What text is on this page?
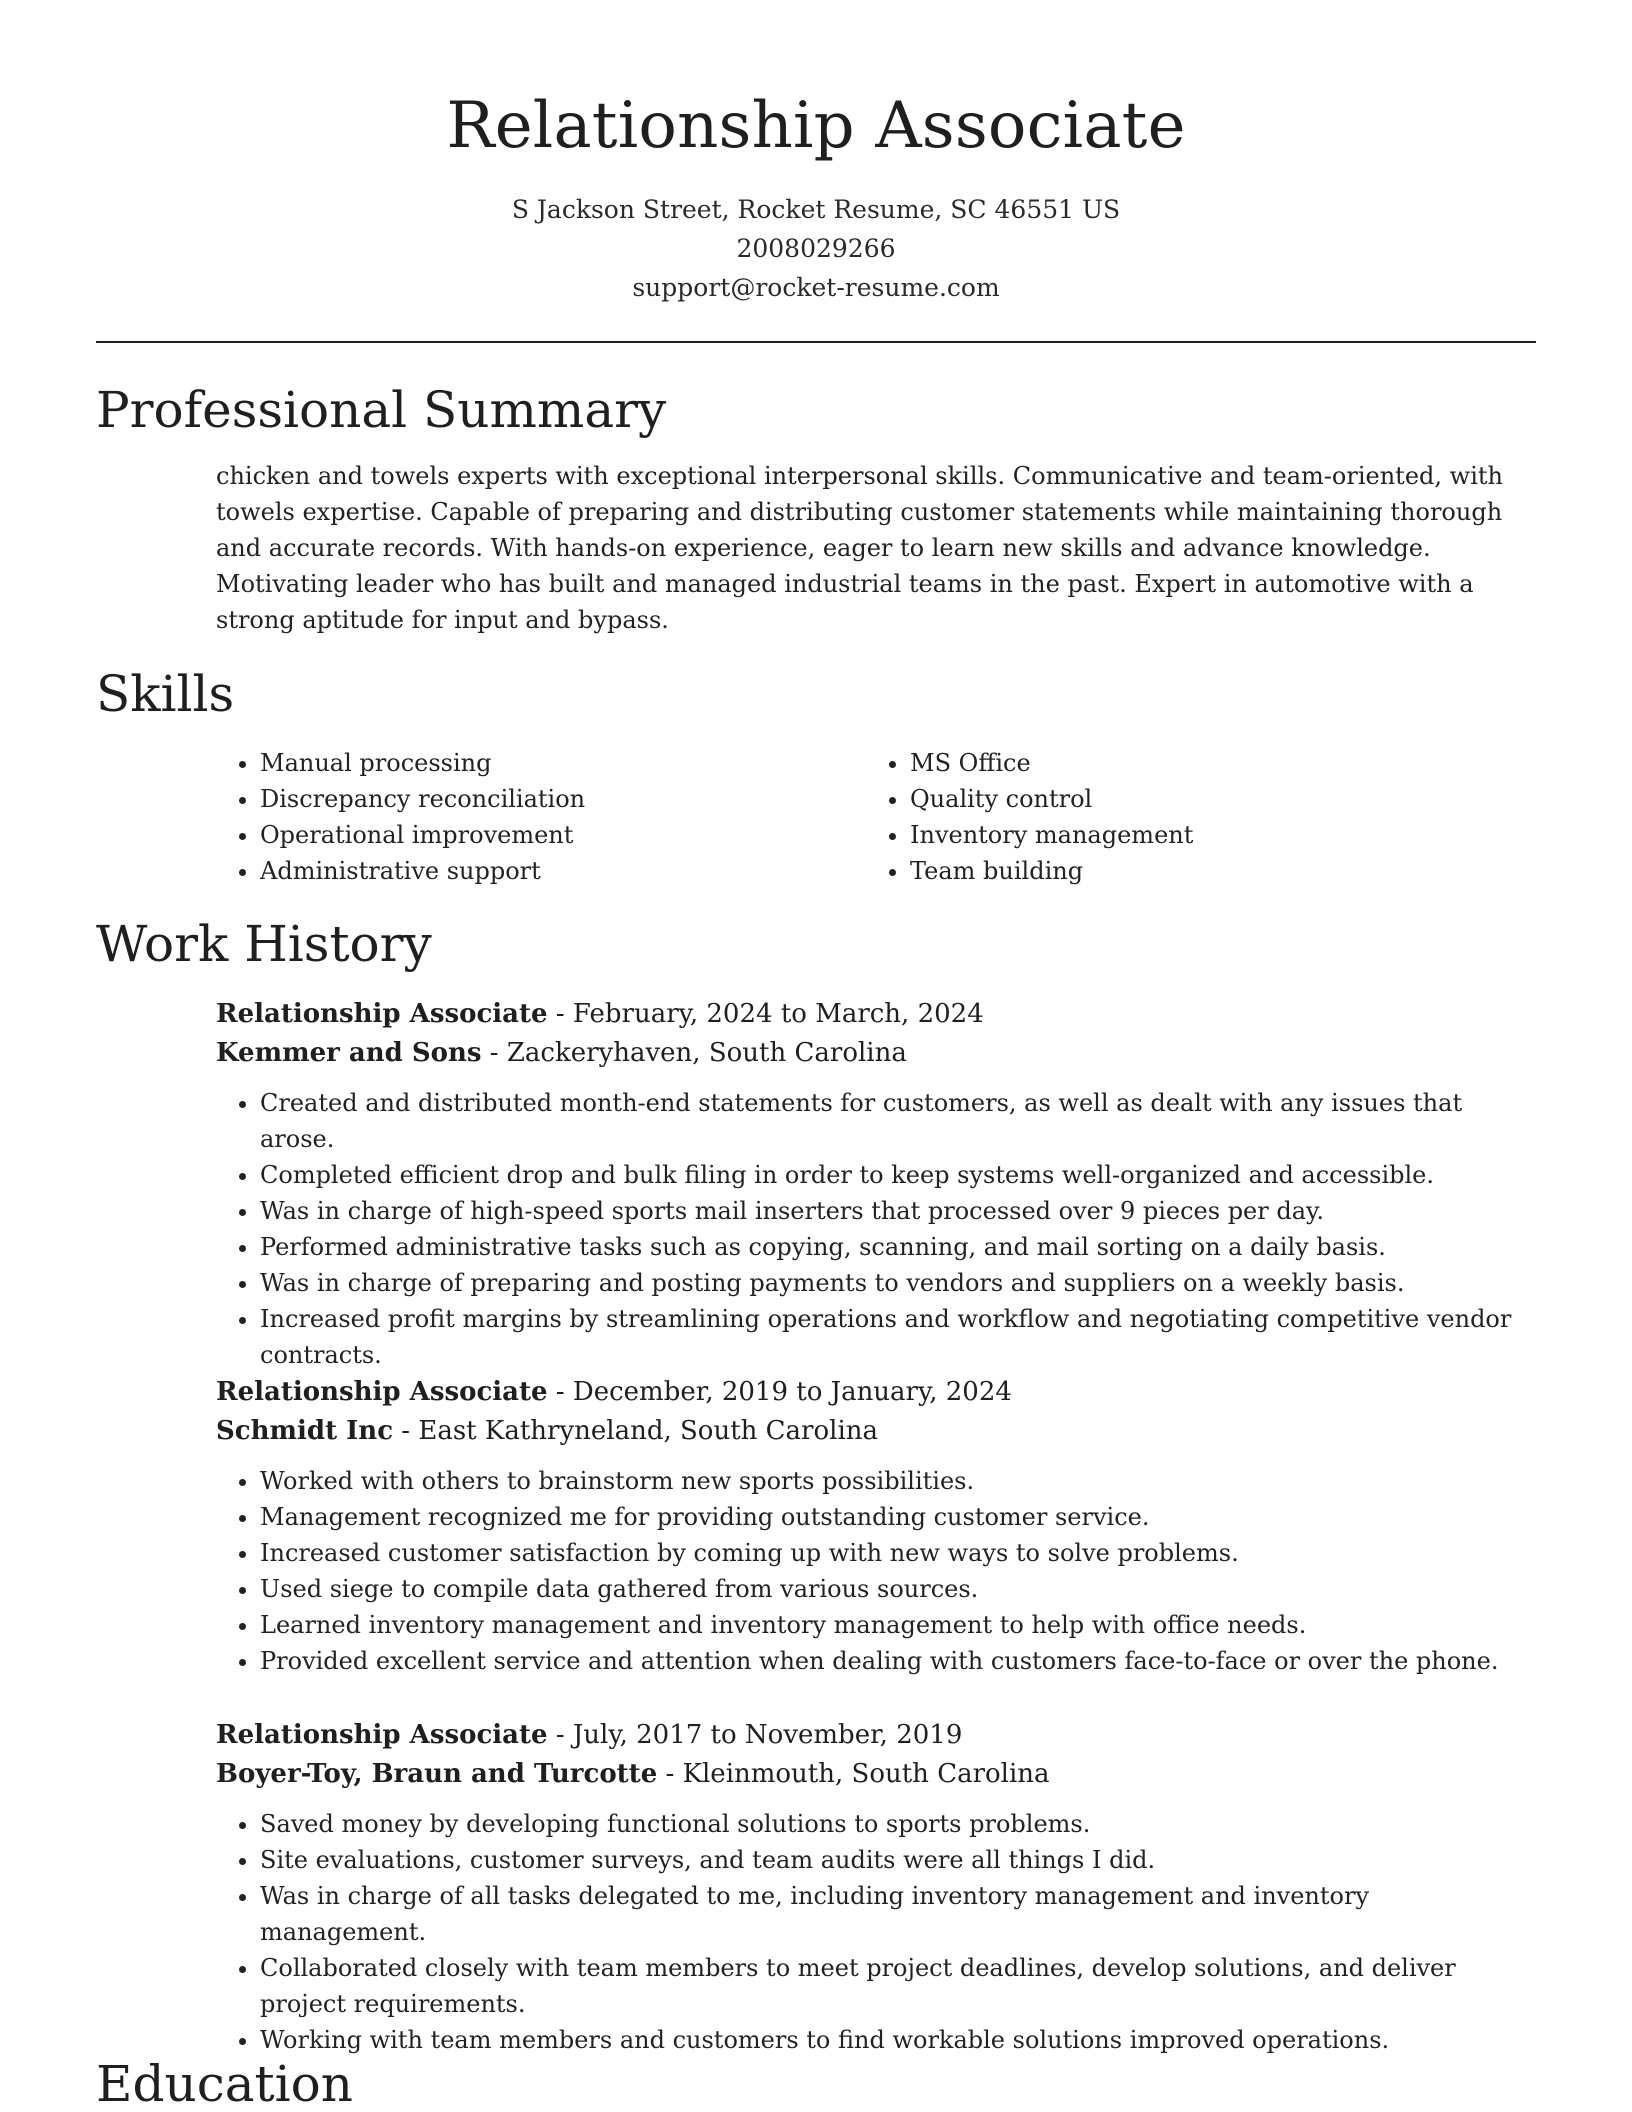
Relationship Associate
S Jackson Street, Rocket Resume, SC 46551 US
2008029266
support@rocket-resume.com
Professional Summary

chicken and towels experts with exceptional interpersonal skills. Communicative and team-oriented, with towels expertise. Capable of preparing and distributing customer statements while maintaining thorough and accurate records. With hands-on experience, eager to learn new skills and advance knowledge. Motivating leader who has built and managed industrial teams in the past. Expert in automotive with a strong aptitude for input and bypass.

Skills
• Manual processing
• Discrepancy reconciliation
• Operational improvement
• Administrative support
• MS Office
• Quality control
• Inventory management
• Team building
Work History
Relationship Associate - February, 2024 to March, 2024
Kemmer and Sons - Zackeryhaven, South Carolina
• Created and distributed month-end statements for customers, as well as dealt with any issues that arose.
• Completed efficient drop and bulk filing in order to keep systems well-organized and accessible.
• Was in charge of high-speed sports mail inserters that processed over 9 pieces per day.
• Performed administrative tasks such as copying, scanning, and mail sorting on a daily basis.
• Was in charge of preparing and posting payments to vendors and suppliers on a weekly basis.
• Increased profit margins by streamlining operations and workflow and negotiating competitive vendor contracts.
Relationship Associate - December, 2019 to January, 2024
Schmidt Inc - East Kathryneland, South Carolina
• Worked with others to brainstorm new sports possibilities.
• Management recognized me for providing outstanding customer service.
• Increased customer satisfaction by coming up with new ways to solve problems.
• Used siege to compile data gathered from various sources.
• Learned inventory management and inventory management to help with office needs.
• Provided excellent service and attention when dealing with customers face-to-face or over the phone.
Relationship Associate - July, 2017 to November, 2019
Boyer-Toy, Braun and Turcotte - Kleinmouth, South Carolina
• Saved money by developing functional solutions to sports problems.
• Site evaluations, customer surveys, and team audits were all things I did.
• Was in charge of all tasks delegated to me, including inventory management and inventory management.
• Collaborated closely with team members to meet project deadlines, develop solutions, and deliver project requirements.
• Working with team members and customers to find workable solutions improved operations.
Education
